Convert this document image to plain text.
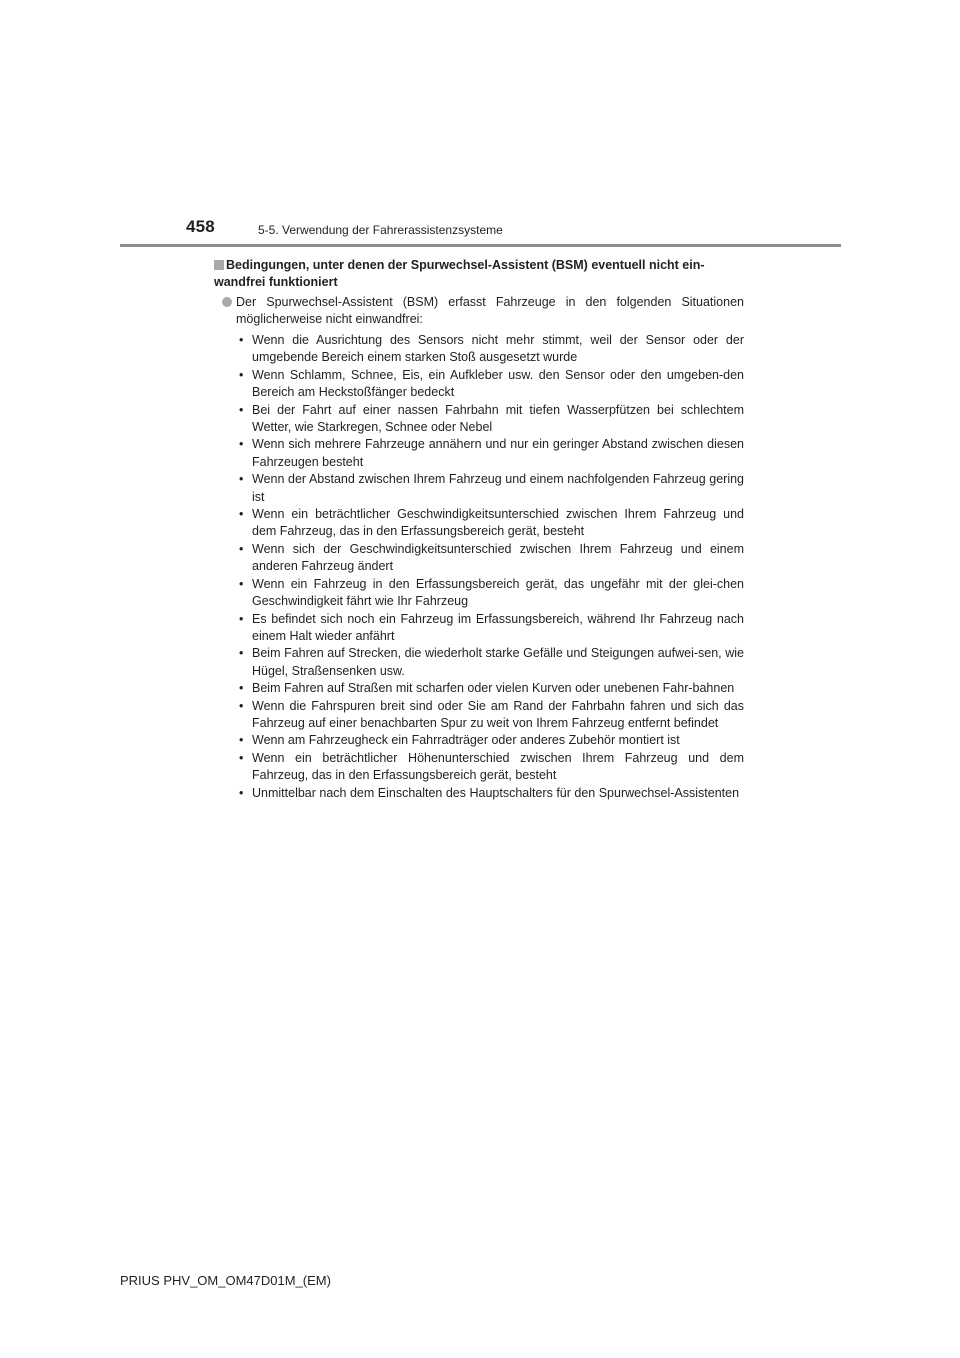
458	5-5. Verwendung der Fahrerassistenzsysteme
Bedingungen, unter denen der Spurwechsel-Assistent (BSM) eventuell nicht ein-wandfrei funktioniert
Der Spurwechsel-Assistent (BSM) erfasst Fahrzeuge in den folgenden Situationen möglicherweise nicht einwandfrei:
• Wenn die Ausrichtung des Sensors nicht mehr stimmt, weil der Sensor oder der umgebende Bereich einem starken Stoß ausgesetzt wurde
• Wenn Schlamm, Schnee, Eis, ein Aufkleber usw. den Sensor oder den umgeben-den Bereich am Heckstoßfänger bedeckt
• Bei der Fahrt auf einer nassen Fahrbahn mit tiefen Wasserpfützen bei schlechtem Wetter, wie Starkregen, Schnee oder Nebel
• Wenn sich mehrere Fahrzeuge annähern und nur ein geringer Abstand zwischen diesen Fahrzeugen besteht
• Wenn der Abstand zwischen Ihrem Fahrzeug und einem nachfolgenden Fahrzeug gering ist
• Wenn ein beträchtlicher Geschwindigkeitsunterschied zwischen Ihrem Fahrzeug und dem Fahrzeug, das in den Erfassungsbereich gerät, besteht
• Wenn sich der Geschwindigkeitsunterschied zwischen Ihrem Fahrzeug und einem anderen Fahrzeug ändert
• Wenn ein Fahrzeug in den Erfassungsbereich gerät, das ungefähr mit der glei-chen Geschwindigkeit fährt wie Ihr Fahrzeug
• Es befindet sich noch ein Fahrzeug im Erfassungsbereich, während Ihr Fahrzeug nach einem Halt wieder anfährt
• Beim Fahren auf Strecken, die wiederholt starke Gefälle und Steigungen aufwei-sen, wie Hügel, Straßensenken usw.
• Beim Fahren auf Straßen mit scharfen oder vielen Kurven oder unebenen Fahr-bahnen
• Wenn die Fahrspuren breit sind oder Sie am Rand der Fahrbahn fahren und sich das Fahrzeug auf einer benachbarten Spur zu weit von Ihrem Fahrzeug entfernt befindet
• Wenn am Fahrzeugheck ein Fahrradträger oder anderes Zubehör montiert ist
• Wenn ein beträchtlicher Höhenunterschied zwischen Ihrem Fahrzeug und dem Fahrzeug, das in den Erfassungsbereich gerät, besteht
• Unmittelbar nach dem Einschalten des Hauptschalters für den Spurwechsel-Assistenten
PRIUS PHV_OM_OM47D01M_(EM)
